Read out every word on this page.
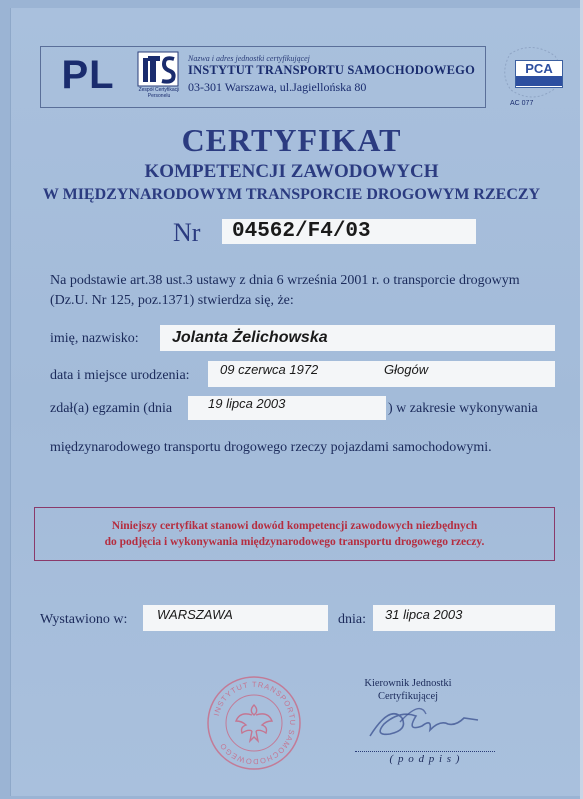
PL	Zespół Certyfikacji Personelu
Nazwa i adres jednostki certyfikującej
INSTYTUT TRANSPORTU SAMOCHODOWEGO
03-301 Warszawa, ul.Jagiellońska 80
PCA
AC 077
CERTYFIKAT
KOMPETENCJI ZAWODOWYCH
W MIĘDZYNARODOWYM TRANSPORCIE DROGOWYM RZECZY
Nr	04562/F4/03
Na podstawie art.38 ust.3 ustawy z dnia 6 września 2001 r. o transporcie drogowym (Dz.U. Nr 125, poz.1371) stwierdza się, że:
imię, nazwisko:	Jolanta Żelichowska
data i miejsce urodzenia: 09 czerwca 1972	Głogów
zdał(a) egzamin (dnia	19 lipca 2003	) w zakresie wykonywania
międzynarodowego transportu drogowego rzeczy pojazdami samochodowymi.
Niniejszy certyfikat stanowi dowód kompetencji zawodowych niezbędnych
do podjęcia i wykonywania międzynarodowego transportu drogowego rzeczy.
Wystawiono w:	WARSZAWA	dnia:	31 lipca 2003
INSTYTUT TRANSPORTU SAMOCHODOWEGO
Kierownik Jednostki
Certyfikującej
( p o d p i s )
